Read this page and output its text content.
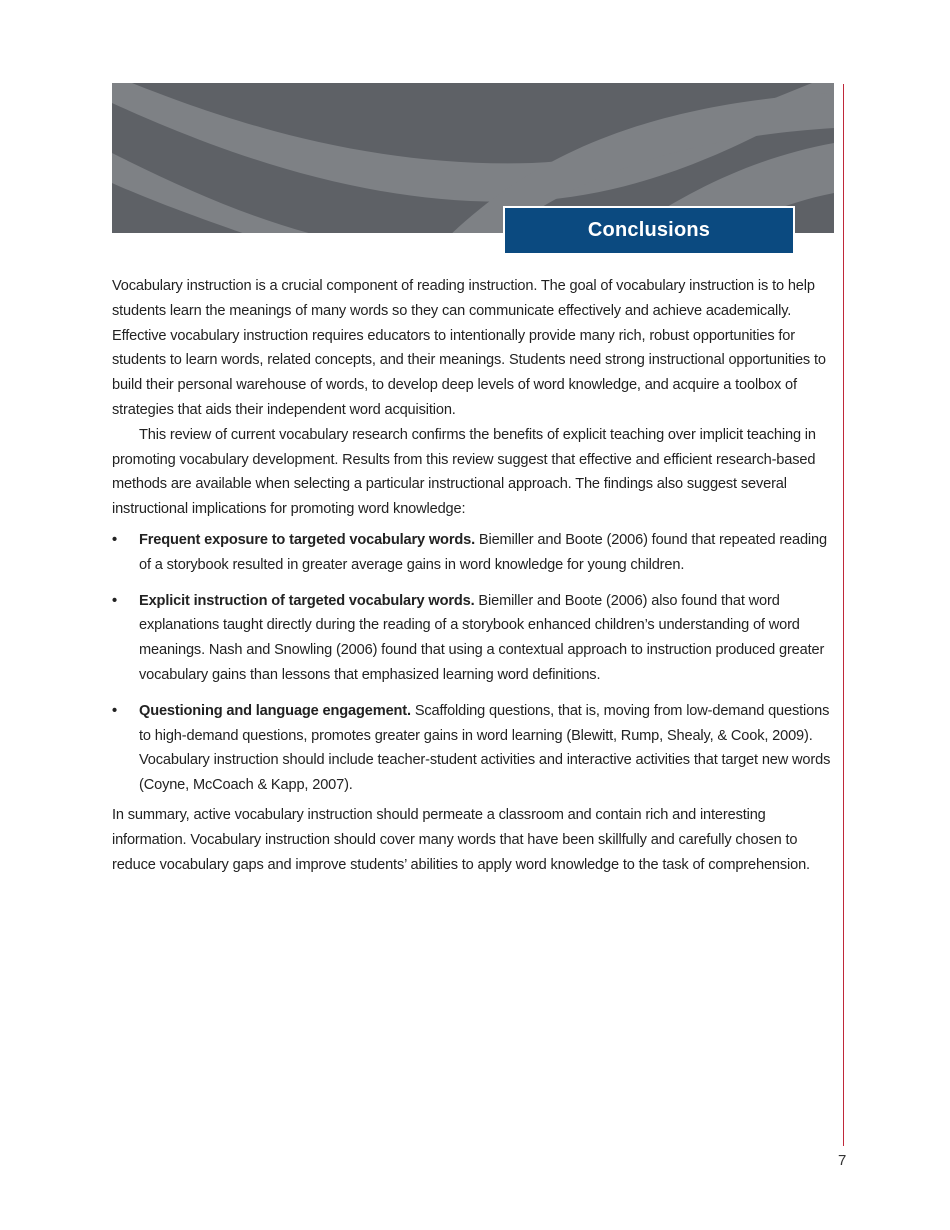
Conclusions

Vocabulary instruction is a crucial component of reading instruction. The goal of vocabulary instruction is to help students learn the meanings of many words so they can communicate effectively and achieve academically. Effective vocabulary instruction requires educators to intentionally provide many rich, robust opportunities for students to learn words, related concepts, and their meanings. Students need strong instructional opportunities to build their personal warehouse of words, to develop deep levels of word knowledge, and acquire a toolbox of strategies that aids their independent word acquisition.

This review of current vocabulary research confirms the benefits of explicit teaching over implicit teaching in promoting vocabulary development. Results from this review suggest that effective and efficient research-based methods are available when selecting a particular instructional approach. The findings also suggest several instructional implications for promoting word knowledge:

• Frequent exposure to targeted vocabulary words. Biemiller and Boote (2006) found that repeated reading of a storybook resulted in greater average gains in word knowledge for young children.
• Explicit instruction of targeted vocabulary words. Biemiller and Boote (2006) also found that word explanations taught directly during the reading of a storybook enhanced children’s understanding of word meanings. Nash and Snowling (2006) found that using a contextual approach to instruction produced greater vocabulary gains than lessons that emphasized learning word definitions.
• Questioning and language engagement. Scaffolding questions, that is, moving from low-demand questions to high-demand questions, promotes greater gains in word learning (Blewitt, Rump, Shealy, & Cook, 2009). Vocabulary instruction should include teacher-student activities and interactive activities that target new words (Coyne, McCoach & Kapp, 2007).

In summary, active vocabulary instruction should permeate a classroom and contain rich and interesting information. Vocabulary instruction should cover many words that have been skillfully and carefully chosen to reduce vocabulary gaps and improve students’ abilities to apply word knowledge to the task of comprehension.

7
